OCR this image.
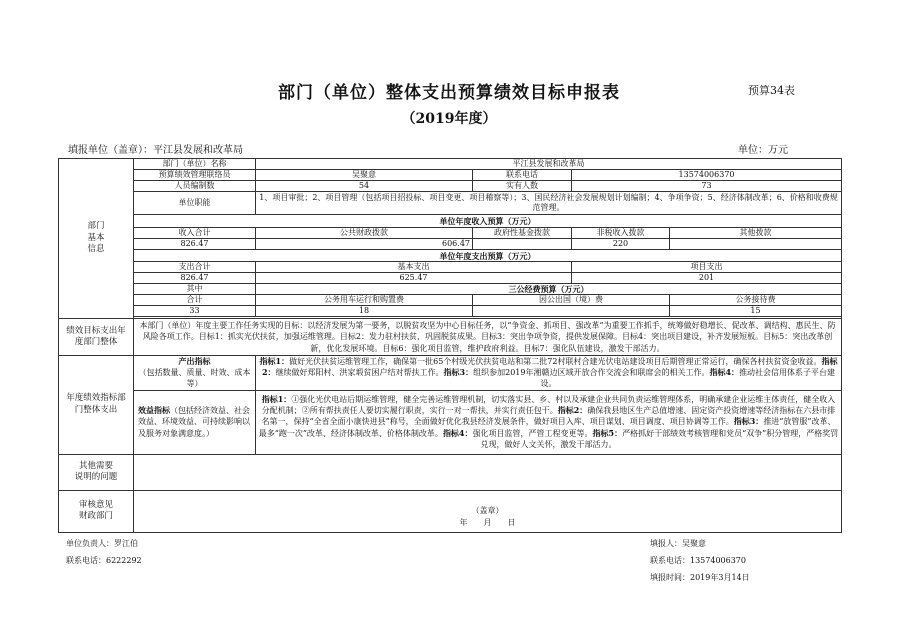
部门（单位）整体支出预算绩效目标申报表	预算34表
（2019年度）
填报单位（盖章）：平江县发展和改革局	单位：万元
部门
基本
信息	部门（单位）名称	平江县发展和改革局			
	预算绩效管理联络员	吴聚意	联系电话	13574006370	
	人员编制数	54	实有人数	73	
	单位职能	1、项目审批；2、项目管理（包括项目招投标、项目变更、项目稽察等）；3、国民经济社会发展规划计划编制；4、争项争资；5、经济体制改革；6、价格和收费规范管理。			
	单位年度收入预算（万元）				
	收入合计	公共财政拨款	政府性基金拨款	非税收入拨款	其他拨款
	826.47	606.47		220	
	单位年度支出预算（万元）				
	支出合计	基本支出		项目支出	
	826.47	625.47		201	
	其中	三公经费预算（万元）			
	合计	公务用车运行和购置费	因公出国（境）费		公务接待费
	33	18			15

绩效目标支出年
度部门整体	本部门（单位）年度主要工作任务实现的目标：以经济发展为第一要务，以脱贫攻坚为中心目标任务，以“争资金、抓项目、强改革”为重要工作抓手，统筹做好稳增长、促改革、调结构、惠民生、防风险各项工作。目标1：抓实光伏扶贫，加强运维管理。目标2：发力驻村扶贫，巩固脱贫成果。目标3：突出争项争资，提供发展保障。目标4：突出项目建设，补齐发展短板。目标5：突出改革创新，优化发展环境。目标6：强化项目监管，维护政府利益。目标7：强化队伍建设，激发干部活力。				
年度绩效指标部
门整体支出	产出指标
（包括数量、质量、时效、成本等）	指标1：做好光伏扶贫运维管理工作，确保第一批65个村级光伏扶贫电站和第二批72村联村合建光伏电站建设项目后期管理正常运行，确保各村扶贫资金收益。指标2：继续做好郑阳村、洪家塅贫困户结对帮扶工作。指标3：组织参加2019年湘赣边区域开放合作交流会和联席会的相关工作。指标4：推动社会信用体系子平台建设。			
	效益指标（包括经济效益、社会效益、环境效益、可持续影响以及服务对象满意度。）	指标1：①强化光伏电站后期运维管理，健全完善运维管理机制，切实落实县、乡、村以及承建企业共同负责运维管理体系，明确承建企业运维主体责任，健全收入分配机制；②所有帮扶责任人要切实履行职责，实行一对一帮扶，并实行责任包干。指标2：确保我县地区生产总值增速、固定资产投资增速等经济指标在六县市排名第一，保持“全省全面小康快进县”称号，全面做好优化我县经济发展条件，做好项目入库、项目谋划、项目调度、项目协调等工作。指标3：推进“放管服”改革、最多“跑一次”改革、经济体制改革、价格体制改革。指标4：强化项目监管，严管工程变更等。指标5：严格抓好干部绩效考核管理和党员“双争”积分管理，严格奖罚兑现，做好人文关怀，激发干部活力。			
其他需要
说明的问题					
审核意见
财政部门	（盖章）
年　　月　　日				
单位负责人：罗江伯
联系电话：6222292
填报人：吴聚意
联系电话：13574006370
填报时间：2019年3月14日
